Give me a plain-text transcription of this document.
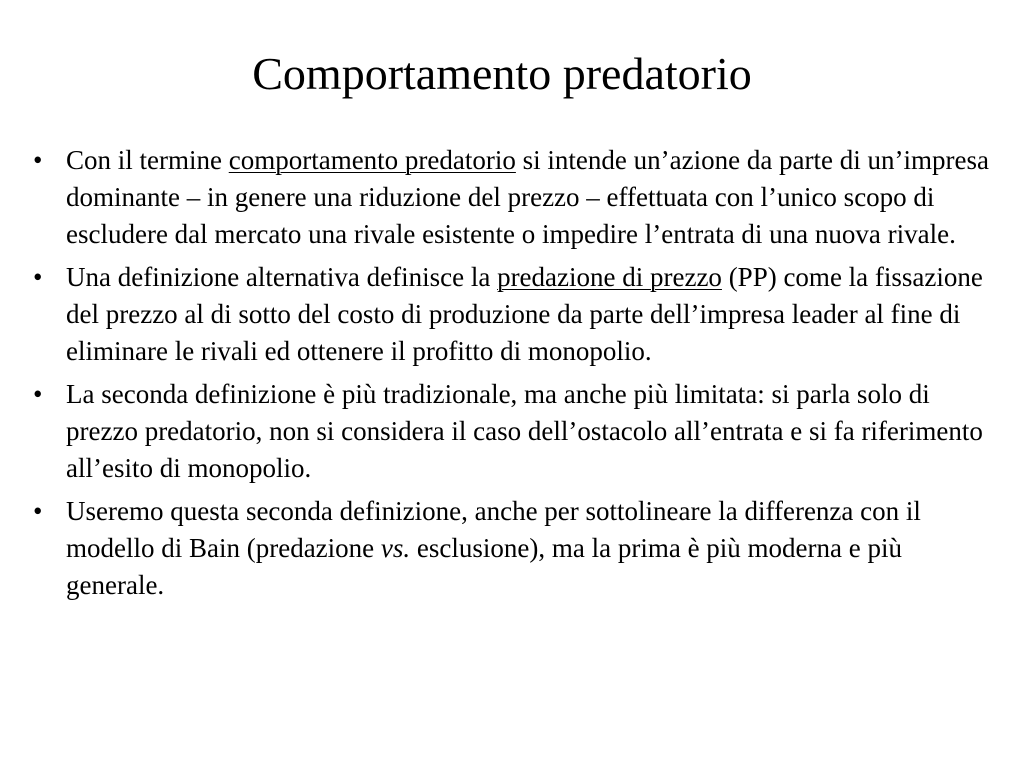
Comportamento predatorio
• Con il termine comportamento predatorio si intende un’azione da parte di un’impresa dominante – in genere una riduzione del prezzo – effettuata con l’unico scopo di escludere dal mercato una rivale esistente o impedire l’entrata di una nuova rivale.
• Una definizione alternativa definisce la predazione di prezzo (PP) come la fissazione del prezzo al di sotto del costo di produzione da parte dell’impresa leader al fine di eliminare le rivali ed ottenere il profitto di monopolio.
• La seconda definizione è più tradizionale, ma anche più limitata: si parla solo di prezzo predatorio, non si considera il caso dell’ostacolo all’entrata e si fa riferimento all’esito di monopolio.
• Useremo questa seconda definizione, anche per sottolineare la differenza con il modello di Bain (predazione vs. esclusione), ma la prima è più moderna e più generale.
